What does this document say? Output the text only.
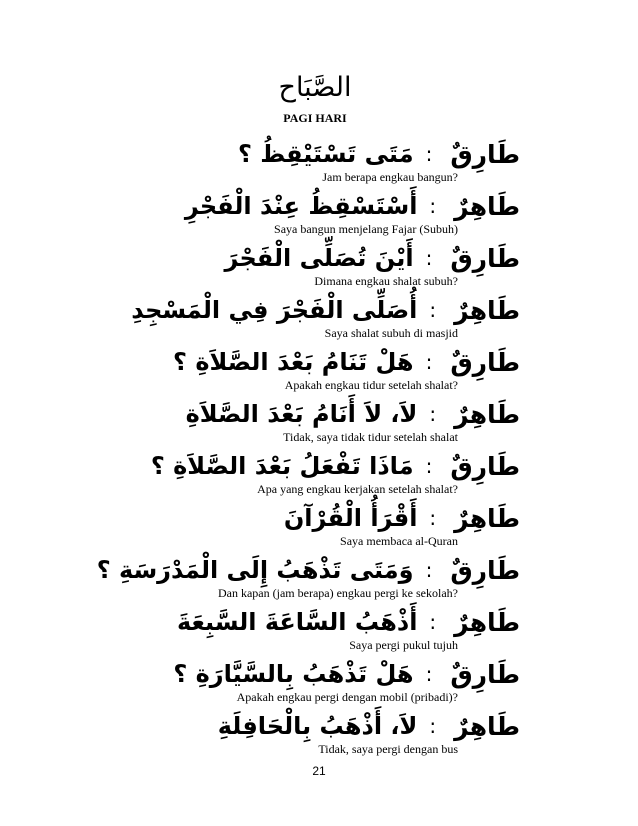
الصَّبَاح
PAGI HARI
طَارِقٌ
:
مَتَى تَسْتَيْقِظُ ؟
Jam berapa engkau bangun?
طَاهِرٌ
:
أَسْتَسْقِظُ عِنْدَ الْفَجْرِ
Saya bangun menjelang Fajar (Subuh)
طَارِقٌ
:
أَيْنَ تُصَلِّى الْفَجْرَ
Dimana engkau shalat subuh?
طَاهِرٌ
:
أُصَلِّى الْفَجْرَ فِي الْمَسْجِدِ
Saya shalat subuh di masjid
طَارِقٌ
:
هَلْ تَنَامُ بَعْدَ الصَّلاَةِ ؟
Apakah engkau tidur setelah shalat?
طَاهِرٌ
:
لاَ، لاَ أَنَامُ بَعْدَ الصَّلاَةِ
Tidak, saya tidak tidur setelah shalat
طَارِقٌ
:
مَاذَا تَفْعَلُ بَعْدَ الصَّلاَةِ ؟
Apa yang engkau kerjakan setelah shalat?
طَاهِرٌ
:
أَقْرَأُ الْقُرْآنَ
Saya membaca al-Quran
طَارِقٌ
:
وَمَتَى تَذْهَبُ إِلَى الْمَدْرَسَةِ ؟
Dan kapan (jam berapa) engkau pergi ke sekolah?
طَاهِرٌ
:
أَذْهَبُ السَّاعَةَ السَّبِعَةَ
Saya pergi pukul tujuh
طَارِقٌ
:
هَلْ تَذْهَبُ بِالسَّيَّارَةِ ؟
Apakah engkau pergi dengan mobil (pribadi)?
طَاهِرٌ
:
لاَ، أَذْهَبُ بِالْحَافِلَةِ
Tidak, saya pergi dengan bus
21
